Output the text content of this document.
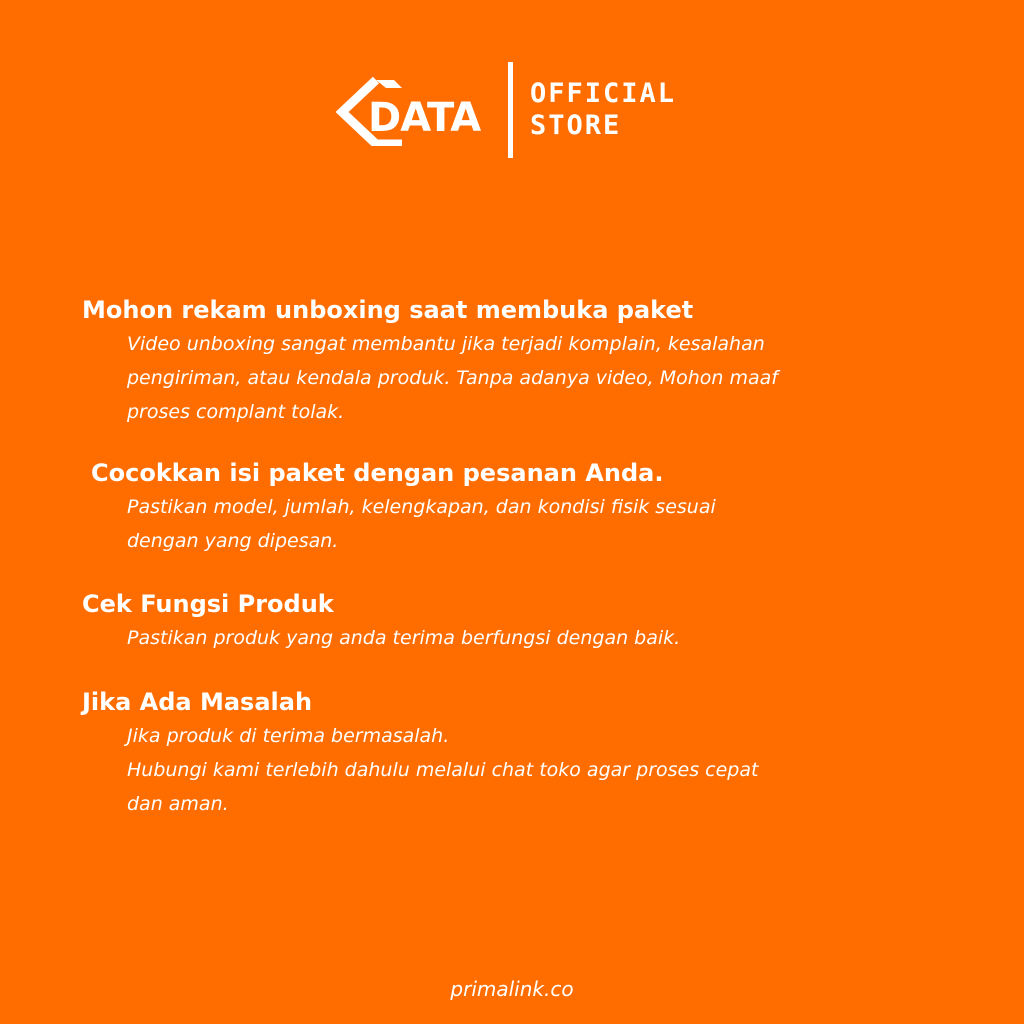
DATA
OFFICIAL
STORE
Mohon rekam unboxing saat membuka paket

Video unboxing sangat membantu jika terjadi komplain, kesalahan
pengiriman, atau kendala produk. Tanpa adanya video, Mohon maaf
proses complant tolak.

Cocokkan isi paket dengan pesanan Anda.

Pastikan model, jumlah, kelengkapan, dan kondisi fisik sesuai
dengan yang dipesan.

Cek Fungsi Produk

Pastikan produk yang anda terima berfungsi dengan baik.

Jika Ada Masalah

Jika produk di terima bermasalah.
Hubungi kami terlebih dahulu melalui chat toko agar proses cepat
dan aman.

primalink.co
